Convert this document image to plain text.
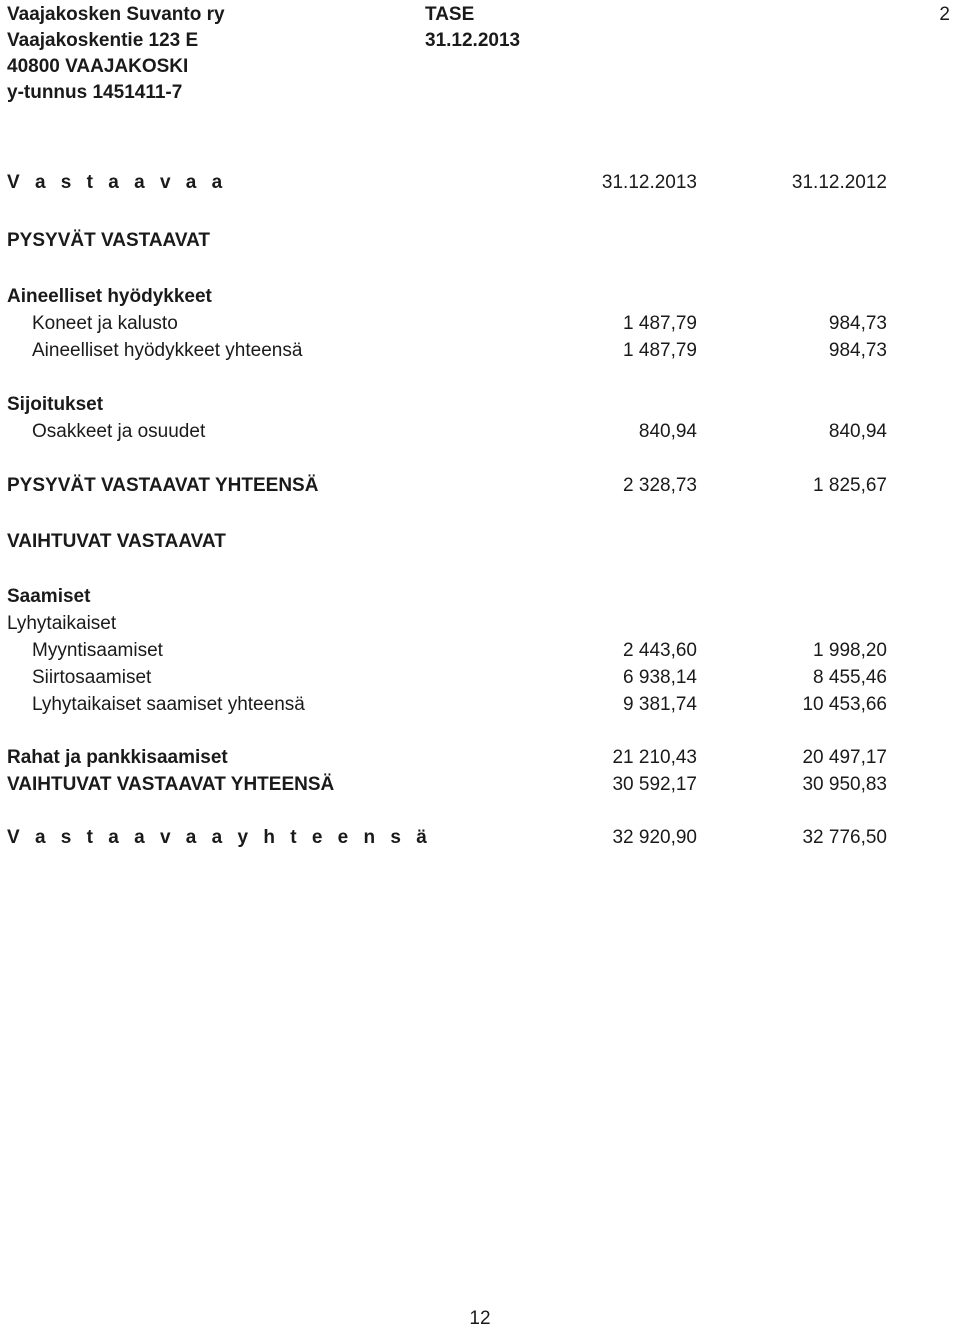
Vaajakosken Suvanto ry
Vaajakoskentie 123 E
40800 VAAJAKOSKI
y-tunnus 1451411-7
TASE
31.12.2013
2
V a s t a a v a a	31.12.2013	31.12.2012
PYSYVÄT VASTAAVAT
Aineelliset hyödykkeet
Koneet ja kalusto	1 487,79	984,73
Aineelliset hyödykkeet yhteensä	1 487,79	984,73
Sijoitukset
Osakkeet ja osuudet	840,94	840,94
PYSYVÄT VASTAAVAT YHTEENSÄ	2 328,73	1 825,67
VAIHTUVAT VASTAAVAT
Saamiset
Lyhytaikaiset
Myyntisaamiset	2 443,60	1 998,20
Siirtosaamiset	6 938,14	8 455,46
Lyhytaikaiset saamiset yhteensä	9 381,74	10 453,66
Rahat ja pankkisaamiset	21 210,43	20 497,17
VAIHTUVAT VASTAAVAT YHTEENSÄ	30 592,17	30 950,83
V a s t a a v a a y h t e e n s ä	32 920,90	32 776,50
12
